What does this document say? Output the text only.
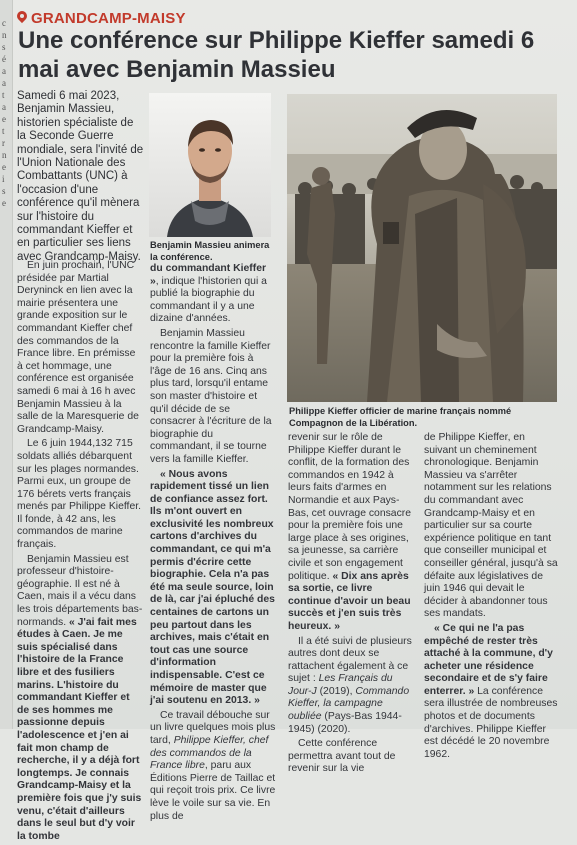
c
n
s
é
a
a
t
a
e
t
r
n
e
i
s
e
GRANDCAMP-MAISY
Une conférence sur Philippe Kieffer samedi 6 mai avec Benjamin Massieu

Samedi 6 mai 2023, Benjamin Massieu, historien spécialiste de la Seconde Guerre mondiale, sera l'invité de l'Union Nationale des Combattants (UNC) à l'occasion d'une conférence qu'il mènera sur l'histoire du commandant Kieffer et en particulier ses liens avec Grandcamp-Maisy.

Benjamin Massieu animera la conférence.

Philippe Kieffer officier de marine français nommé Compagnon de la Libération.

En juin prochain, l'UNC présidée par Martial Deryninck en lien avec la mairie présentera une grande exposition sur le commandant Kieffer chef des commandos de la France libre. En prémisse à cet hommage, une conférence est organisée samedi 6 mai à 16 h avec Benjamin Massieu à la salle de la Maresquerie de Grandcamp-Maisy.

Le 6 juin 1944,132 715 soldats alliés débarquent sur les plages normandes. Parmi eux, un groupe de 176 bérets verts français menés par Philippe Kieffer. Il fonde, à 42 ans, les commandos de marine français.

Benjamin Massieu est professeur d'histoire-géographie. Il est né à Caen, mais il a vécu dans les trois départements bas-normands. « J'ai fait mes études à Caen. Je me suis spécialisé dans l'histoire de la France libre et des fusiliers marins. L'histoire du commandant Kieffer et de ses hommes me passionne depuis l'adolescence et j'en ai fait mon champ de recherche, il y a déjà fort longtemps. Je connais Grandcamp-Maisy et la première fois que j'y suis venu, c'était d'ailleurs dans le seul but d'y voir la tombe

du commandant Kieffer », indique l'historien qui a publié la biographie du commandant il y a une dizaine d'années.

Benjamin Massieu rencontre la famille Kieffer pour la première fois à l'âge de 16 ans. Cinq ans plus tard, lorsqu'il entame son master d'histoire et qu'il décide de se consacrer à l'écriture de la biographie du commandant, il se tourne vers la famille Kieffer.

« Nous avons rapidement tissé un lien de confiance assez fort. Ils m'ont ouvert en exclusivité les nombreux cartons d'archives du commandant, ce qui m'a permis d'écrire cette biographie. Cela n'a pas été ma seule source, loin de là, car j'ai épluché des centaines de cartons un peu partout dans les archives, mais c'était en tout cas une source d'information indispensable. C'est ce mémoire de master que j'ai soutenu en 2013. »

Ce travail débouche sur un livre quelques mois plus tard, Philippe Kieffer, chef des commandos de la France libre, paru aux Éditions Pierre de Taillac et qui reçoit trois prix. Ce livre lève le voile sur sa vie. En plus de

revenir sur le rôle de Philippe Kieffer durant le conflit, de la formation des commandos en 1942 à leurs faits d'armes en Normandie et aux Pays-Bas, cet ouvrage consacre pour la première fois une large place à ses origines, sa jeunesse, sa carrière civile et son engagement politique. « Dix ans après sa sortie, ce livre continue d'avoir un beau succès et j'en suis très heureux. »

Il a été suivi de plusieurs autres dont deux se rattachent également à ce sujet : Les Français du Jour-J (2019), Commando Kieffer, la campagne oubliée (Pays-Bas 1944-1945) (2020).

Cette conférence permettra avant tout de revenir sur la vie

de Philippe Kieffer, en suivant un cheminement chronologique. Benjamin Massieu va s'arrêter notamment sur les relations du commandant avec Grandcamp-Maisy et en particulier sur sa courte expérience politique en tant que conseiller municipal et conseiller général, jusqu'à sa défaite aux législatives de juin 1946 qui devait le décider à abandonner tous ses mandats.

« Ce qui ne l'a pas empêché de rester très attaché à la commune, d'y acheter une résidence secondaire et de s'y faire enterrer. » La conférence sera illustrée de nombreuses photos et de documents d'archives. Philippe Kieffer est décédé le 20 novembre 1962.
